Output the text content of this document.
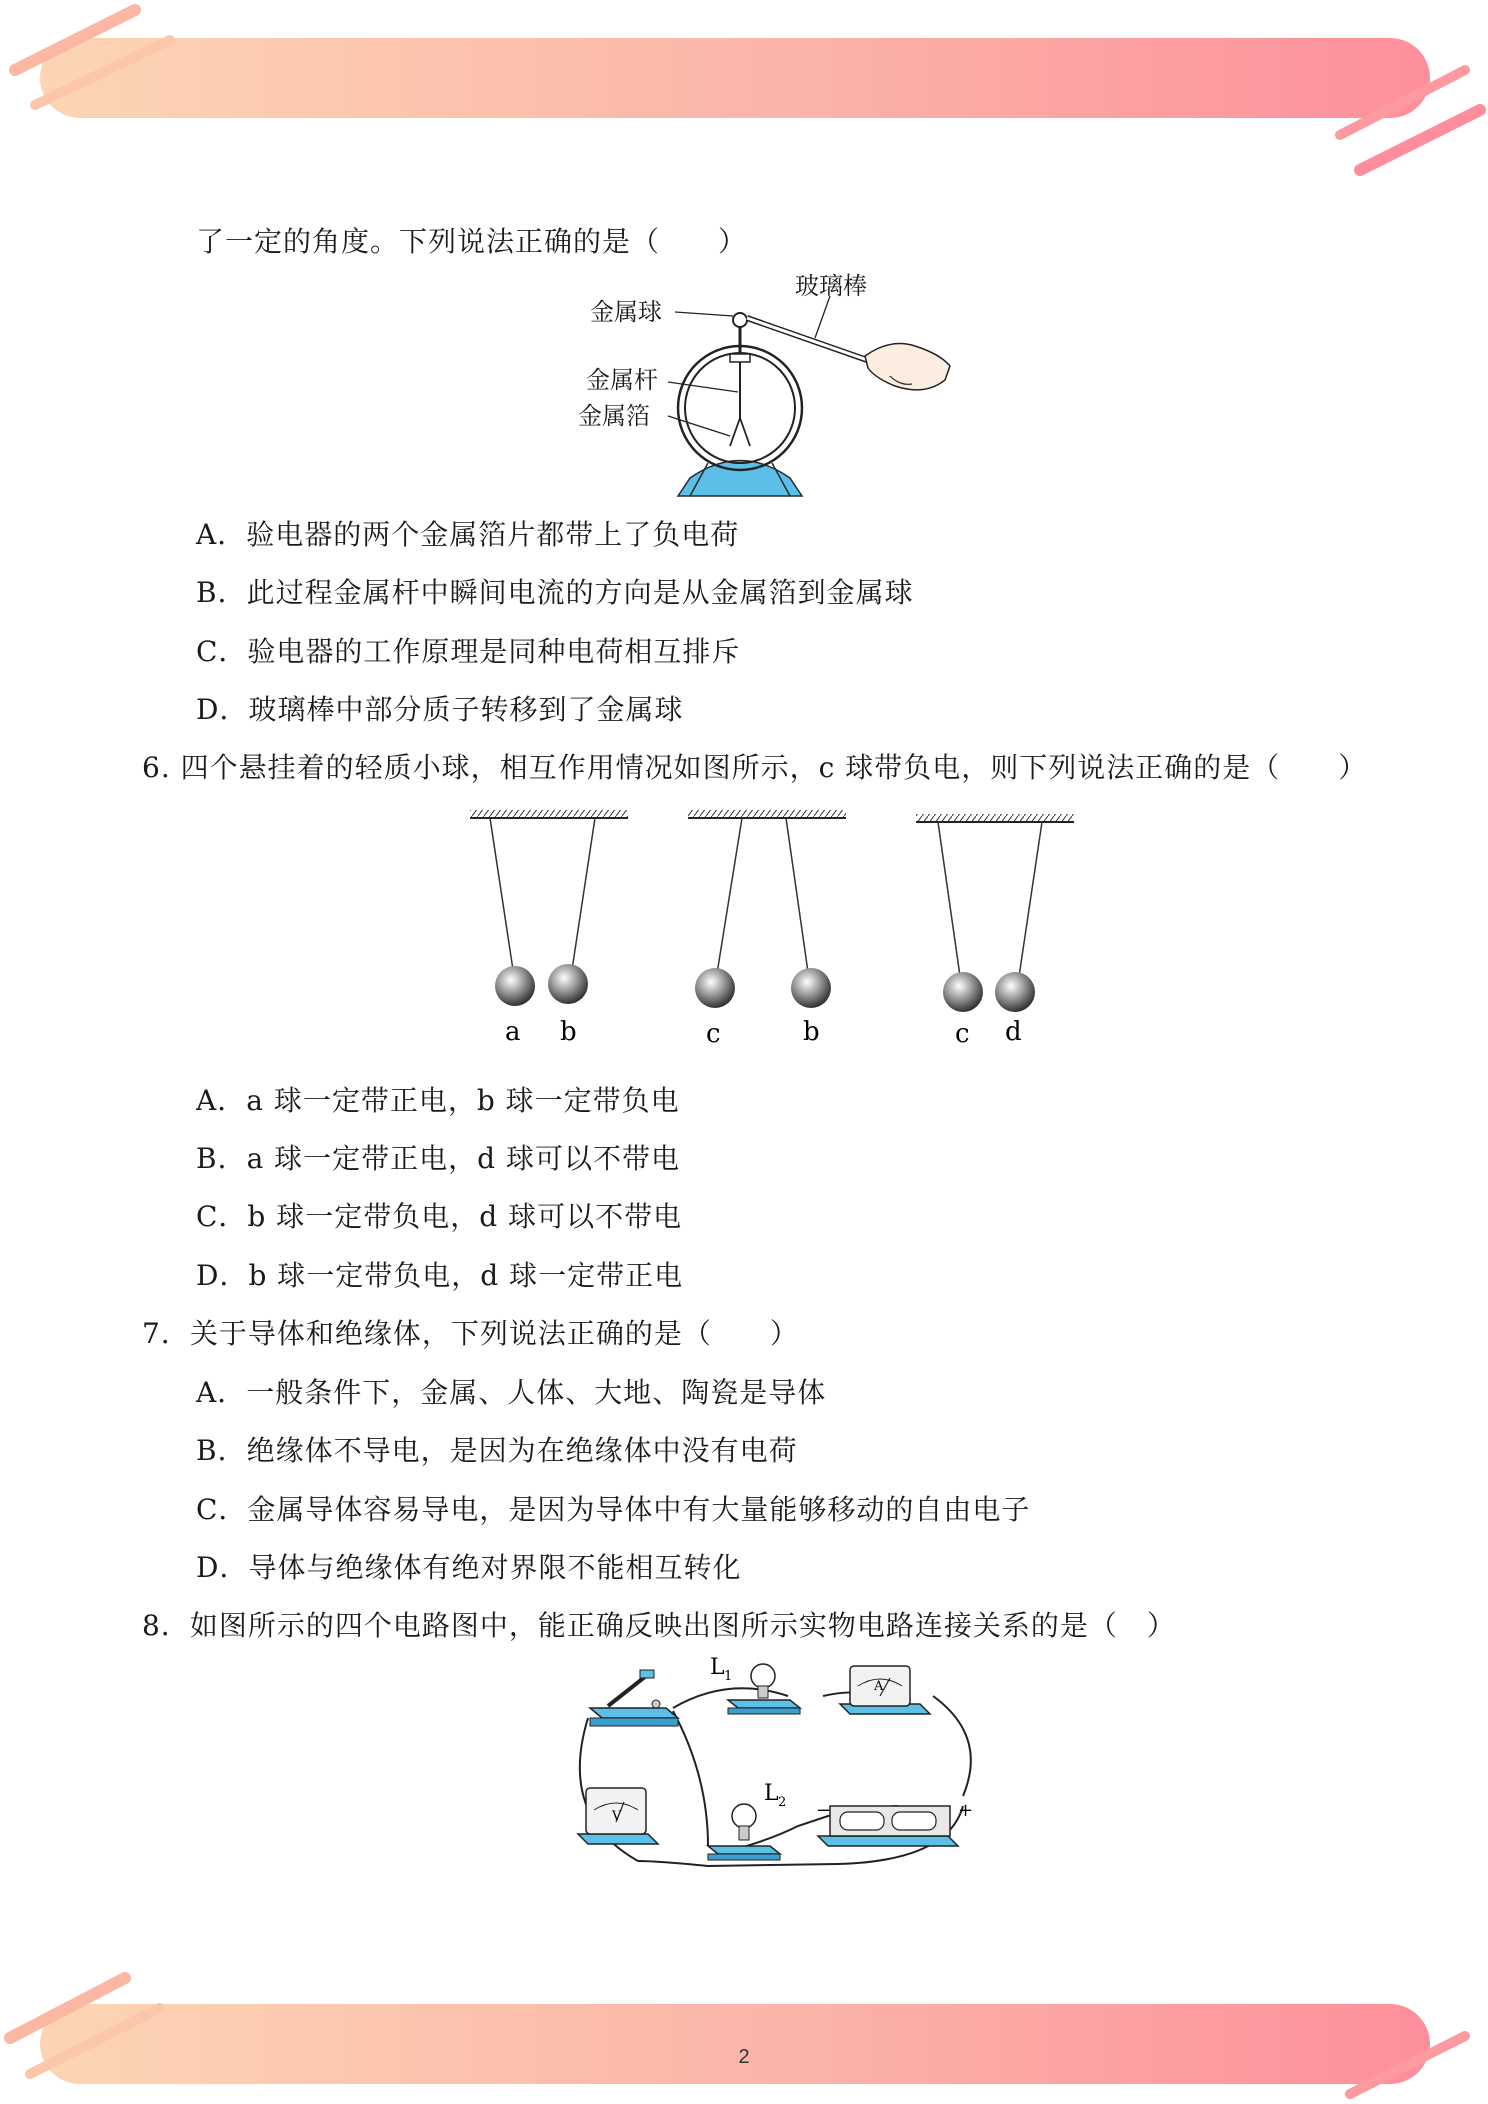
了一定的角度。下列说法正确的是（　　）
玻璃棒
金属球
金属杆
金属箔
A．验电器的两个金属箔片都带上了负电荷
B．此过程金属杆中瞬间电流的方向是从金属箔到金属球
C．验电器的工作原理是同种电荷相互排斥
D．玻璃棒中部分质子转移到了金属球
6. 四个悬挂着的轻质小球，相互作用情况如图所示，c 球带负电，则下列说法正确的是（　　）
a b	c	b	c d
A．a 球一定带正电，b 球一定带负电
B．a 球一定带正电，d 球可以不带电
C．b 球一定带负电，d 球可以不带电
D．b 球一定带负电，d 球一定带正电
7．关于导体和绝缘体，下列说法正确的是（　　）
A．一般条件下，金属、人体、大地、陶瓷是导体
B．绝缘体不导电，是因为在绝缘体中没有电荷
C．金属导体容易导电，是因为导体中有大量能够移动的自由电子
D．导体与绝缘体有绝对界限不能相互转化
8．如图所示的四个电路图中，能正确反映出图所示实物电路连接关系的是（　）
L 1
A
V
L 2 −	+
2
